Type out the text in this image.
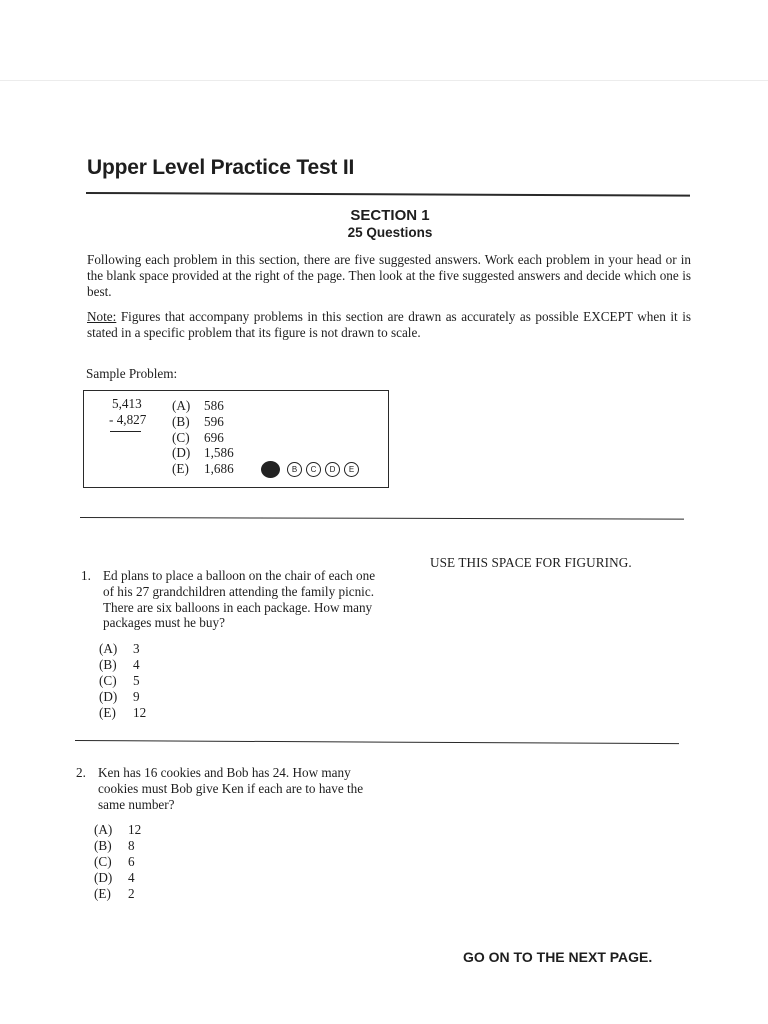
Upper Level Practice Test II
SECTION 1
25 Questions
Following each problem in this section, there are five suggested answers. Work each problem in your head or in the blank space provided at the right of the page. Then look at the five suggested answers and decide which one is best.
Note: Figures that accompany problems in this section are drawn as accurately as possible EXCEPT when it is stated in a specific problem that its figure is not drawn to scale.
Sample Problem:
5,413
- 4,827
(A)	586
(B)	596
(C)	696
(D)	1,586
(E)	1,686	B	C	D	E
USE THIS SPACE FOR FIGURING.
1. Ed plans to place a balloon on the chair of each one of his 27 grandchildren attending the family picnic. There are six balloons in each package. How many packages must he buy?
(A)	3
(B)	4
(C)	5
(D)	9
(E)	12
2. Ken has 16 cookies and Bob has 24. How many cookies must Bob give Ken if each are to have the same number?
(A)	12
(B)	8
(C)	6
(D)	4
(E)	2
GO ON TO THE NEXT PAGE.
